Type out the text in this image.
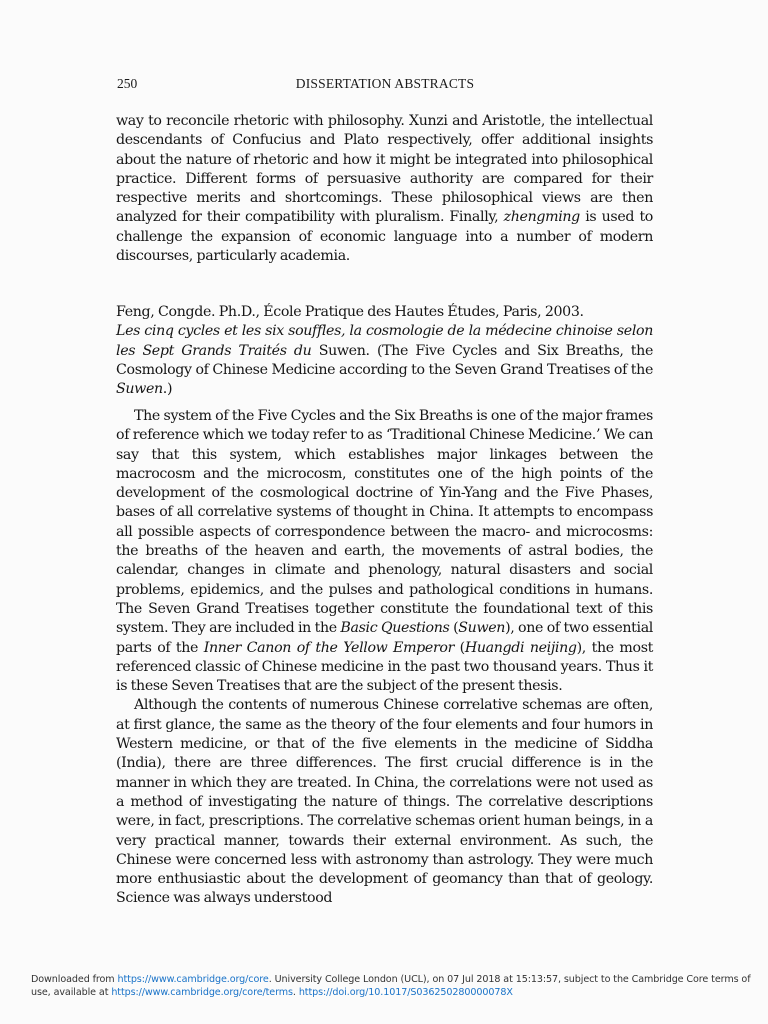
250	DISSERTATION ABSTRACTS

way to reconcile rhetoric with philosophy. Xunzi and Aristotle, the intellectual descendants of Confucius and Plato respectively, offer additional insights about the nature of rhetoric and how it might be integrated into philosophical practice. Different forms of persuasive authority are compared for their respective merits and shortcomings. These philosophical views are then analyzed for their compatibility with pluralism. Finally, zhengming is used to challenge the expansion of economic language into a number of modern discourses, particularly academia.

Feng, Congde. Ph.D., École Pratique des Hautes Études, Paris, 2003.

Les cinq cycles et les six souffles, la cosmologie de la médecine chinoise selon les Sept Grands Traités du Suwen. (The Five Cycles and Six Breaths, the Cosmology of Chinese Medicine according to the Seven Grand Treatises of the Suwen.)

The system of the Five Cycles and the Six Breaths is one of the major frames of reference which we today refer to as ‘Traditional Chinese Medicine.’ We can say that this system, which establishes major linkages between the macrocosm and the microcosm, constitutes one of the high points of the development of the cosmological doctrine of Yin-Yang and the Five Phases, bases of all correlative systems of thought in China. It attempts to encompass all possible aspects of correspondence between the macro- and microcosms: the breaths of the heaven and earth, the movements of astral bodies, the calendar, changes in climate and phenology, natural disasters and social problems, epidemics, and the pulses and pathological conditions in humans. The Seven Grand Treatises together constitute the foundational text of this system. They are included in the Basic Questions (Suwen), one of two essential parts of the Inner Canon of the Yellow Emperor (Huangdi neijing), the most referenced classic of Chinese medicine in the past two thousand years. Thus it is these Seven Treatises that are the subject of the present thesis.

Although the contents of numerous Chinese correlative schemas are often, at first glance, the same as the theory of the four elements and four humors in Western medicine, or that of the five elements in the medicine of Siddha (India), there are three differences. The first crucial difference is in the manner in which they are treated. In China, the correlations were not used as a method of investigating the nature of things. The correlative descriptions were, in fact, prescriptions. The correlative schemas orient human beings, in a very practical manner, towards their external environment. As such, the Chinese were concerned less with astronomy than astrology. They were much more enthusiastic about the development of geomancy than that of geology. Science was always understood

Downloaded from https://www.cambridge.org/core. University College London (UCL), on 07 Jul 2018 at 15:13:57, subject to the Cambridge Core terms of use, available at https://www.cambridge.org/core/terms. https://doi.org/10.1017/S036250280000078X
